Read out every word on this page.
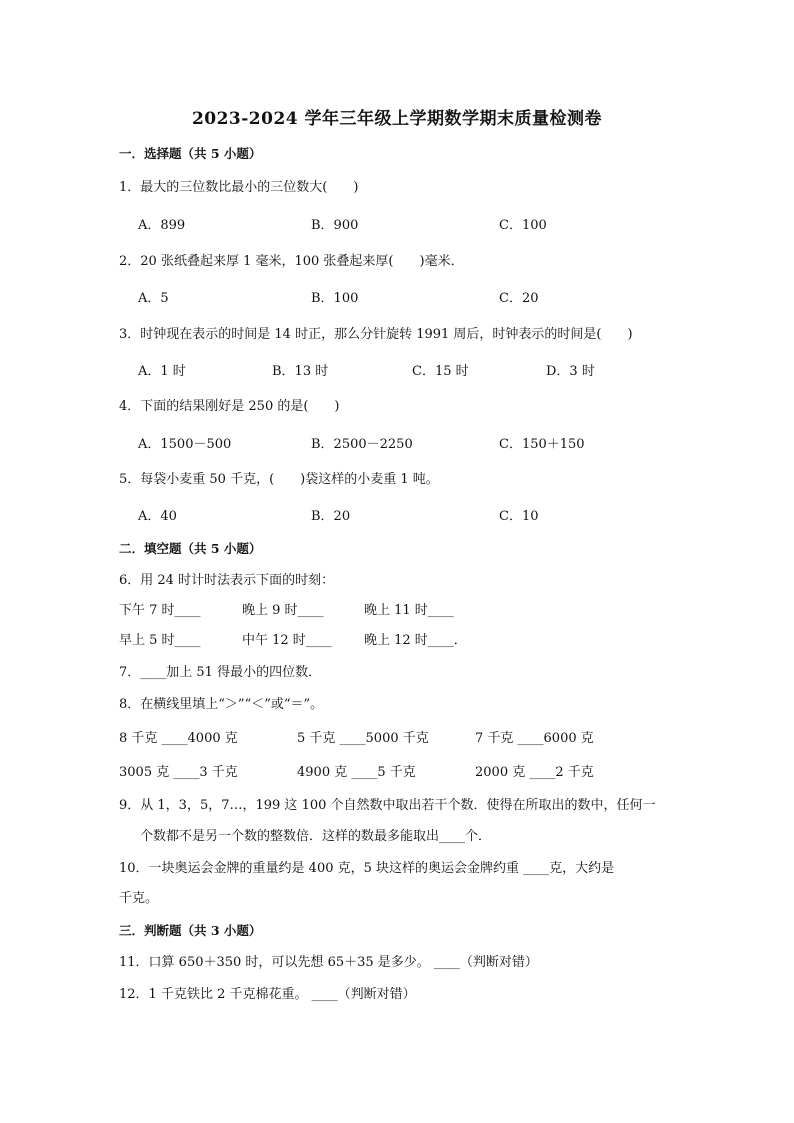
2023-2024 学年三年级上学期数学期末质量检测卷
一．选择题（共 5 小题）
1．最大的三位数比最小的三位数大(　　)
A．899	B．900	C．100
2．20 张纸叠起来厚 1 毫米，100 张叠起来厚(　　)毫米．
A．5	B．100	C．20
3．时钟现在表示的时间是 14 时正，那么分针旋转 1991 周后，时钟表示的时间是(　　)
A．1 时	B．13 时	C．15 时	D．3 时
4．下面的结果刚好是 250 的是(　　)
A．1500－500	B．2500－2250	C．150＋150
5．每袋小麦重 50 千克，(　　)袋这样的小麦重 1 吨。
A．40	B．20	C．10
二．填空题（共 5 小题）
6．用 24 时计时法表示下面的时刻：
下午 7 时____	晚上 9 时____	晚上 11 时____
早上 5 时____	中午 12 时____ 晚上 12 时____．
7．____加上 51 得最小的四位数．
8．在横线里填上“＞”“＜”或“＝”。
8 千克 ____4000 克	5 千克 ____5000 千克	7 千克 ____6000 克
3005 克 ____3 千克	4900 克 ____5 千克	2000 克 ____2 千克
9．从 1，3，5，7…，199 这 100 个自然数中取出若干个数．使得在所取出的数中，任何一
个数都不是另一个数的整数倍．这样的数最多能取出____个．
10．一块奥运会金牌的重量约是 400 克，5 块这样的奥运会金牌约重 ____克，大约是
千克。
三．判断题（共 3 小题）
11．口算 650＋350 时，可以先想 65＋35 是多少。 ____（判断对错）
12．1 千克铁比 2 千克棉花重。 ____（判断对错）
